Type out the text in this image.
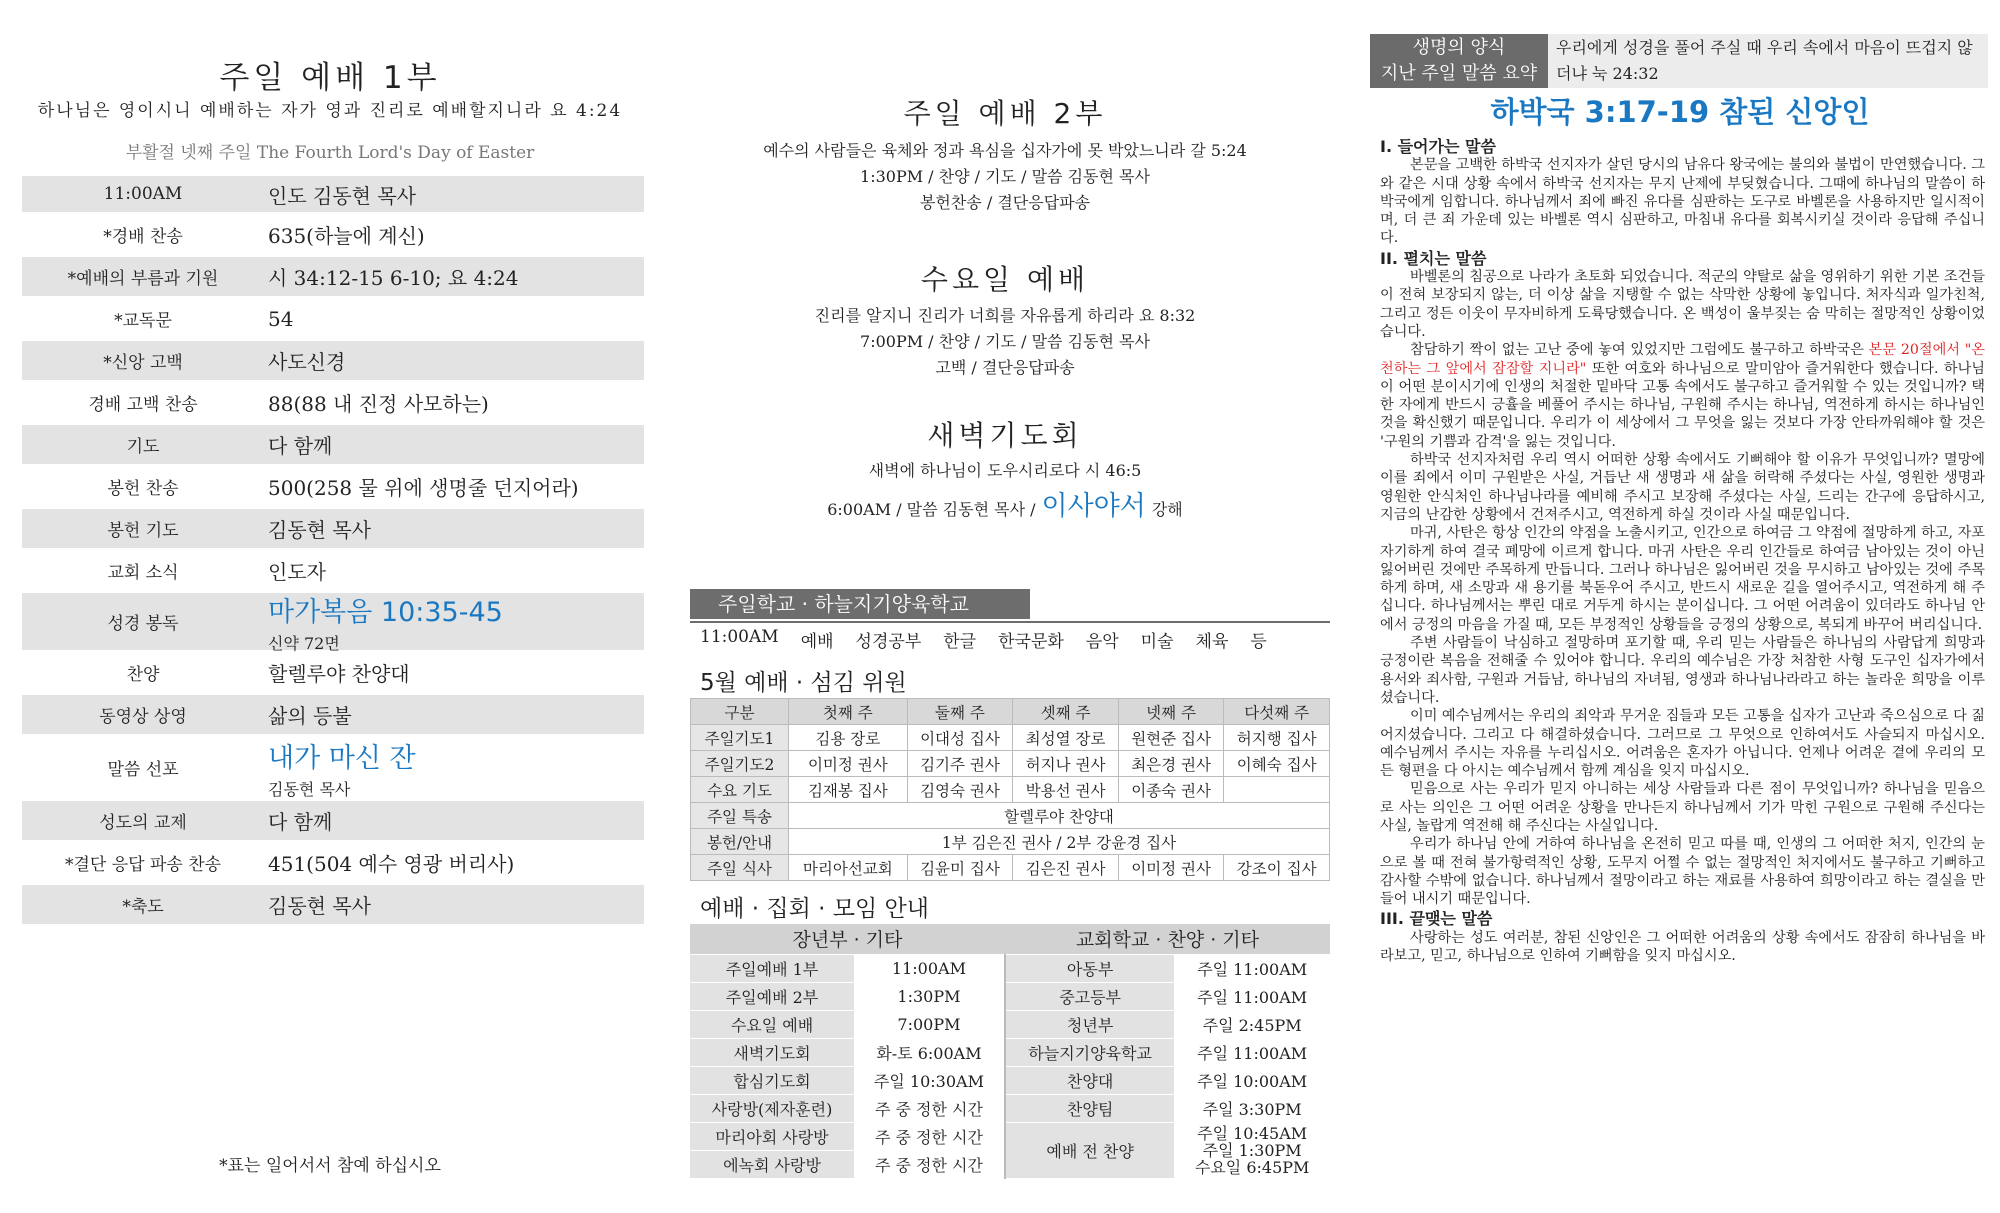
주일 예배 1부
하나님은 영이시니 예배하는 자가 영과 진리로 예배할지니라 요 4:24
부활절 넷째 주일 The Fourth Lord's Day of Easter
11:00AM	인도 김동현 목사
*경배 찬송	635(하늘에 계신)
*예배의 부름과 기원	시 34:12-15 6-10; 요 4:24
*교독문	54
*신앙 고백	사도신경
경배 고백 찬송	88(88 내 진정 사모하는)
기도	다 함께
봉헌 찬송	500(258 물 위에 생명줄 던지어라)
봉헌 기도	김동현 목사
교회 소식	인도자
성경 봉독	마가복음 10:35-45
신약 72면
찬양	할렐루야 찬양대
동영상 상영	삶의 등불
말씀 선포	내가 마신 잔
김동현 목사
성도의 교제	다 함께
*결단 응답 파송 찬송	451(504 예수 영광 버리사)
*축도	김동현 목사
*표는 일어서서 참예 하십시오
주일 예배 2부
예수의 사람들은 육체와 정과 욕심을 십자가에 못 박았느니라 갈 5:24
1:30PM / 찬양 / 기도 / 말씀 김동현 목사
봉헌찬송 / 결단응답파송
수요일 예배
진리를 알지니 진리가 너희를 자유롭게 하리라 요 8:32
7:00PM / 찬양 / 기도 / 말씀 김동현 목사
고백 / 결단응답파송
새벽기도회
새벽에 하나님이 도우시리로다 시 46:5
6:00AM / 말씀 김동현 목사 / 이사야서 강해
주일학교 · 하늘지기양육학교
11:00AM 예배 성경공부 한글 한국문화 음악 미술 체육 등
5월 예배 · 섬김 위원
구분	첫째 주	둘째 주	셋째 주	넷째 주	다섯째 주
주일기도1	김용 장로	이대성 집사	최성열 장로	원현준 집사	허지행 집사
주일기도2	이미정 권사	김기주 권사	허지나 권사	최은경 권사	이혜숙 집사
수요 기도	김재봉 집사	김영숙 권사	박용선 권사	이종숙 권사	
주일 특송	할렐루야 찬양대				
봉헌/안내	1부 김은진 권사 / 2부 강윤경 집사				
주일 식사	마리아선교회	김윤미 집사	김은진 권사	이미정 권사	강조이 집사
예배 · 집회 · 모임 안내
장년부 · 기타		교회학교 · 찬양 · 기타	
주일예배 1부	11:00AM	아동부	주일 11:00AM
주일예배 2부	1:30PM	중고등부	주일 11:00AM
수요일 예배	7:00PM	청년부	주일 2:45PM
새벽기도회	화-토 6:00AM	하늘지기양육학교	주일 11:00AM
합심기도회	주일 10:30AM	찬양대	주일 10:00AM
사랑방(제자훈련)	주 중 정한 시간	찬양팀	주일 3:30PM
마리아회 사랑방	주 중 정한 시간	예배 전 찬양	주일 10:45AM
주일 1:30PM
수요일 6:45PM

에녹회 사랑방	주 중 정한 시간		
생명의 양식
지난 주일 말씀 요약
우리에게 성경을 풀어 주실 때 우리 속에서 마음이 뜨겁지 않더냐 눅 24:32
하박국 3:17-19 참된 신앙인
I. 들어가는 말씀

본문을 고백한 하박국 선지자가 살던 당시의 남유다 왕국에는 불의와 불법이 만연했습니다. 그와 같은 시대 상황 속에서 하박국 선지자는 무지 난제에 부딪혔습니다. 그때에 하나님의 말씀이 하박국에게 임합니다. 하나님께서 죄에 빠진 유다를 심판하는 도구로 바벨론을 사용하지만 일시적이며, 더 큰 죄 가운데 있는 바벨론 역시 심판하고, 마침내 유다를 회복시키실 것이라 응답해 주십니다.

II. 펼치는 말씀

바벨론의 침공으로 나라가 초토화 되었습니다. 적군의 약탈로 삶을 영위하기 위한 기본 조건들이 전혀 보장되지 않는, 더 이상 삶을 지탱할 수 없는 삭막한 상황에 놓입니다. 처자식과 일가친척, 그리고 정든 이웃이 무자비하게 도륙당했습니다. 온 백성이 울부짖는 숨 막히는 절망적인 상황이었습니다.

참담하기 짝이 없는 고난 중에 놓여 있었지만 그럼에도 불구하고 하박국은 본문 20절에서 "온 천하는 그 앞에서 잠잠할 지니라" 또한 여호와 하나님으로 말미암아 즐거워한다 했습니다. 하나님이 어떤 분이시기에 인생의 처절한 밑바닥 고통 속에서도 불구하고 즐거워할 수 있는 것입니까? 택한 자에게 반드시 긍휼을 베풀어 주시는 하나님, 구원해 주시는 하나님, 역전하게 하시는 하나님인 것을 확신했기 때문입니다. 우리가 이 세상에서 그 무엇을 잃는 것보다 가장 안타까워해야 할 것은 '구원의 기쁨과 감격'을 잃는 것입니다.

하박국 선지자처럼 우리 역시 어떠한 상황 속에서도 기뻐해야 할 이유가 무엇입니까? 멸망에 이를 죄에서 이미 구원받은 사실, 거듭난 새 생명과 새 삶을 허락해 주셨다는 사실, 영원한 생명과 영원한 안식처인 하나님나라를 예비해 주시고 보장해 주셨다는 사실, 드리는 간구에 응답하시고, 지금의 난감한 상황에서 건져주시고, 역전하게 하실 것이라 사실 때문입니다.

마귀, 사탄은 항상 인간의 약점을 노출시키고, 인간으로 하여금 그 약점에 절망하게 하고, 자포자기하게 하여 결국 폐망에 이르게 합니다. 마귀 사탄은 우리 인간들로 하여금 남아있는 것이 아닌 잃어버린 것에만 주목하게 만듭니다. 그러나 하나님은 잃어버린 것을 무시하고 남아있는 것에 주목하게 하며, 새 소망과 새 용기를 북돋우어 주시고, 반드시 새로운 길을 열어주시고, 역전하게 해 주십니다. 하나님께서는 뿌린 대로 거두게 하시는 분이십니다. 그 어떤 어려움이 있더라도 하나님 안에서 긍정의 마음을 가질 때, 모든 부정적인 상황들을 긍정의 상황으로, 복되게 바꾸어 버리십니다.

주변 사람들이 낙심하고 절망하며 포기할 때, 우리 믿는 사람들은 하나님의 사람답게 희망과 긍정이란 복음을 전해줄 수 있어야 합니다. 우리의 예수님은 가장 처참한 사형 도구인 십자가에서 용서와 죄사함, 구원과 거듭남, 하나님의 자녀됨, 영생과 하나님나라라고 하는 놀라운 희망을 이루셨습니다.

이미 예수님께서는 우리의 죄악과 무거운 짐들과 모든 고통을 십자가 고난과 죽으심으로 다 짊어지셨습니다. 그리고 다 해결하셨습니다. 그러므로 그 무엇으로 인하여서도 사슬되지 마십시오. 예수님께서 주시는 자유를 누리십시오. 어려움은 혼자가 아닙니다. 언제나 어려운 곁에 우리의 모든 형편을 다 아시는 예수님께서 함께 계심을 잊지 마십시오.

믿음으로 사는 우리가 믿지 아니하는 세상 사람들과 다른 점이 무엇입니까? 하나님을 믿음으로 사는 의인은 그 어떤 어려운 상황을 만나든지 하나님께서 기가 막힌 구원으로 구원해 주신다는 사실, 놀랍게 역전해 해 주신다는 사실입니다.

우리가 하나님 안에 거하여 하나님을 온전히 믿고 따를 때, 인생의 그 어떠한 처지, 인간의 눈으로 볼 때 전혀 불가항력적인 상황, 도무지 어쩔 수 없는 절망적인 처지에서도 불구하고 기뻐하고 감사할 수밖에 없습니다. 하나님께서 절망이라고 하는 재료를 사용하여 희망이라고 하는 결실을 만들어 내시기 때문입니다.

III. 끝맺는 말씀

사랑하는 성도 여러분, 참된 신앙인은 그 어떠한 어려움의 상황 속에서도 잠잠히 하나님을 바라보고, 믿고, 하나님으로 인하여 기뻐함을 잊지 마십시오.
